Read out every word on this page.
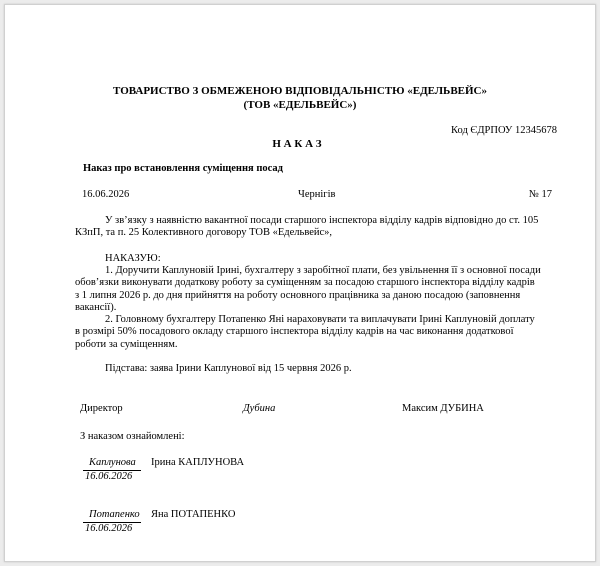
ТОВАРИСТВО З ОБМЕЖЕНОЮ ВІДПОВІДАЛЬНІСТЮ «ЕДЕЛЬВЕЙС»
(ТОВ «ЕДЕЛЬВЕЙС»)
Код ЄДРПОУ 12345678
Н А К А З
Наказ про встановлення суміщення посад
16.06.2026	Чернігів	№ 17
У зв’язку з наявністю вакантної посади старшого інспектора відділу кадрів відповідно до ст. 105
КЗпП, та п. 25 Колективного договору ТОВ «Едельвейс»,
НАКАЗУЮ:
1. Доручити Каплуновій Ірині, бухгалтеру з заробітної плати, без увільнення її з основної посади
обов’язки виконувати додаткову роботу за суміщенням за посадою старшого інспектора відділу кадрів
з 1 липня 2026 р. до дня прийняття на роботу основного працівника за даною посадою (заповнення
вакансії).
2. Головному бухгалтеру Потапенко Яні нараховувати та виплачувати Ірині Каплуновій доплату
в розмірі 50% посадового окладу старшого інспектора відділу кадрів на час виконання додаткової
роботи за суміщенням.
Підстава: заява Ірини Каплунової від 15 червня 2026 р.
Директор	Дубина	Максим ДУБИНА
З наказом ознайомлені:
Каплунова Ірина КАПЛУНОВА
16.06.2026
Потапенко Яна ПОТАПЕНКО
16.06.2026
